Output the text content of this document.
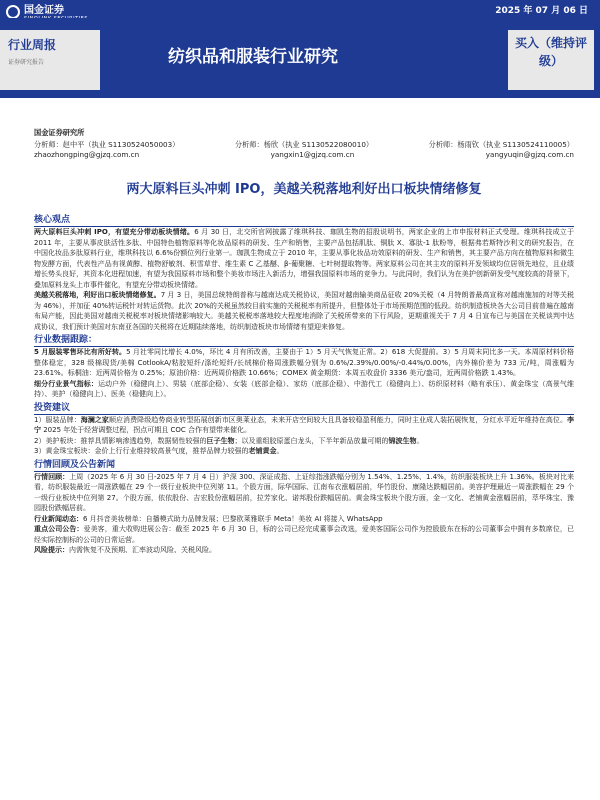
国金证券	2025 年 07 月 06 日
行业周报
证券研究报告	纺织品和服装行业研究
买入（维持评
级）
国金证券研究所
分析师：赵中平（执业 S1130524050003）	分析师：杨欣（执业 S1130522080010）	分析师：杨雨钦（执业 S1130524110005）
zhaozhongping@gjzq.com.cn	yangxin1@gjzq.com.cn	yangyuqin@gjzq.com.cn
两大原料巨头冲刺 IPO，美越关税落地利好出口板块情绪修复
核心观点

两大原料巨头冲刺 IPO，有望充分带动板块情绪。6 月 30 日，北交所官网披露了维琪科技、珈凯生物的招股说明书，两家企业的上市申报材料正式受理。维琪科技成立于 2011 年，主要从事皮肤活性多肽、中国特色植物原料等化妆品原料的研发、生产和销售，主要产品包括肌肽、铜肽 X、寡肽-1 肽粉等，根据弗若斯特沙利文的研究报告，在中国化妆品多肽原料行业，维琪科技以 6.6%份额位列行业第一。珈凯生物成立于 2010 年，主要从事化妆品功效原料的研发、生产和销售，其主要产品方向在植物原料和微生物发酵方面，代表性产品有视黄醇、植物舒敏剂、积雪草苷、维生素 C 乙基醚、β-葡聚糖、七叶树提取物等。两家原料公司在其主攻的原料开发领域均位居领先地位，且业绩增长势头良好，其资本化进程加速，有望为我国原料市场和整个美妆市场注入新活力，增强我国原料市场的竞争力。与此同时，我们认为在美护创新研发受气度较高的背景下，叠加原料龙头上市事件催化，有望充分带动板块情绪。

美越关税落地，利好出口板块情绪修复。7 月 3 日，美国总统特朗普称与越南达成关税协议，美国对越南输美商品征收 20%关税（4 月特朗普最高宣称对越南施加的对等关税为 46%），并加征 40%转运税针对转运货物。此次 20%的关税虽然较目前实施的关税税率有所提升，但整体处于市场预期范围的低段。纺织制造板块各大公司目前普遍在越南布局产能，因此美国对越南关税税率对板块情绪影响较大。美越关税税率落地较大程度地消除了关税所带来的下行风险，更期重视关于 7 月 4 日宣布已与美国在关税谈判中达成协议，我们预计美国对东南亚各国的关税将在近期陆续落地，纺织制造板块市场情绪有望迎来修复。

行业数据跟踪：

5 月服装零售环比有所好转。5 月社零同比增长 4.0%，环比 4 月有所改善，主要由于 1）5 月天气恢复正常。2）618 大促提前。3）5 月周末同比多一天。本周原材料价格整体稳定，328 级棉现货/美棉 CotlookA/粘胶短纤/涤纶短纤/长绒棉价格周涨跌幅分别为 0.6%/2.39%/0.00%/-0.44%/0.00%，内外棉价差为 733 元/吨，周涨幅为 23.61%。标桐油：近两周价格为 0.25%；原油价格：近两周价格跌 10.66%；COMEX 黄金期货：本周五收盘价 3336 美元/盎司，近两周价格跌 1.43%。

细分行业景气指标：运动户外（稳健向上）、男装（底部企稳）、女装（底部企稳）、家纺（底部企稳）、中游代工（稳健向上）、纺织原材料（略有承压）、黄金珠宝（高景气维持）、美护（稳健向上）、医美（稳健向上）。

投资建议

1）服装品牌：海澜之家顺应消费降级趋势商业转型拓展创新市区奥莱业态，未来开店空间较大且具备较稳盈利能力，同时主业成人装拓展恢复，分红水平近年维持在高位。李宁 2025 年处于经营调整过程，拐点可期且 COC 合作有望带来催化。

2）美护板块：推荐具情影响渗透趋势，数据韧性较强的巨子生物；以及重组胶原蛋白龙头，下半年新品放量可期的锦波生物。

3）黄金珠宝板块：金价上行行业维持较高景气度，推荐品牌力较强的老铺黄金。

行情回顾及公告新闻

行情回顾：上周（2025 年 6 月 30 日-2025 年 7 月 4 日）沪深 300、深证成指、上证综指涨跌幅分别为 1.54%、1.25%、1.4%，纺织服装板块上升 1.36%。板块对比来看，纺织服装最近一周涨跌幅在 29 个一级行业板块中位列第 11。个股方面，际华国际、江南布衣涨幅居前，华竹股份、康隆达跌幅居前。美容护理最近一周涨跌幅在 29 个一级行业板块中位列第 27。个股方面，依依股份、吉宏股份涨幅居前，拉芳家化、诺邦股份跌幅居前。黄金珠宝板块个股方面，金一文化、老铺黄金涨幅居前，萃华珠宝、豫园股份跌幅居前。

行业新闻动态：6 月抖音美妆榜单：自播模式助力品牌发展；巴黎欧莱雅联手 Meta！美妆 AI 将接入 WhatsApp

重点公司公告：爱美客，重大收购进展公告：截至 2025 年 6 月 30 日，标的公司已经完成董事会改选，爱美客国际公司作为控股股东在标的公司董事会中拥有多数席位，已经实际控制标的公司的日常运营。

风险提示：内需恢复不及预期、汇率波动风险、关税风险。
